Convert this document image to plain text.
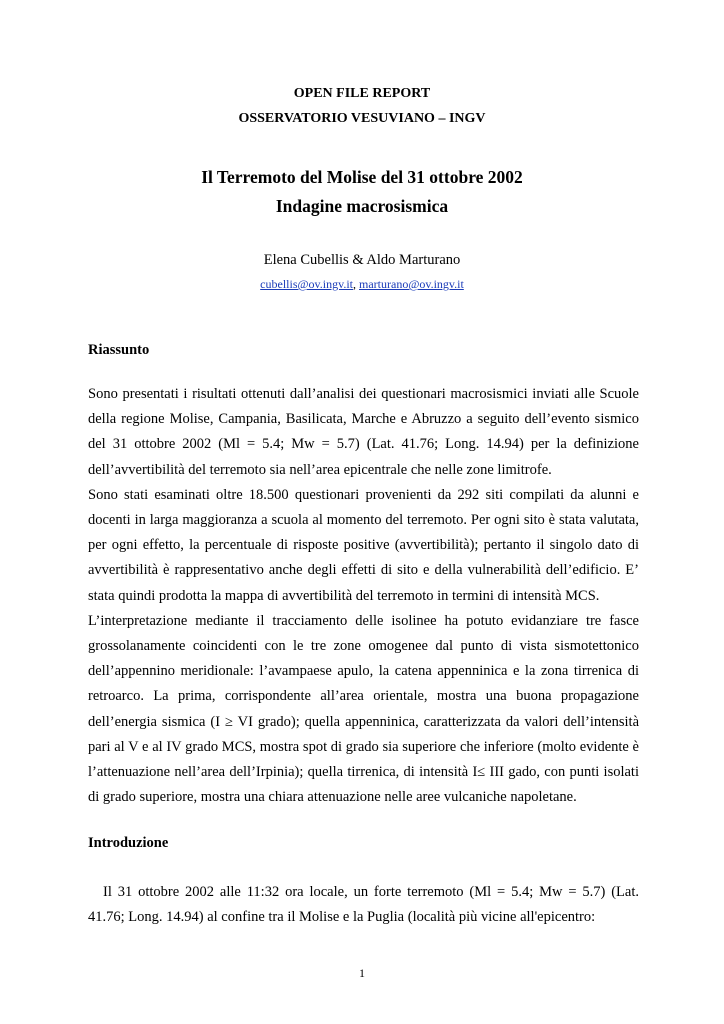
OPEN FILE REPORT
OSSERVATORIO VESUVIANO – INGV
Il Terremoto del Molise del 31 ottobre 2002
Indagine macrosismica
Elena Cubellis & Aldo Marturano
cubellis@ov.ingv.it, marturano@ov.ingv.it
Riassunto

Sono presentati i risultati ottenuti dall’analisi dei questionari macrosismici inviati alle Scuole della regione Molise, Campania, Basilicata, Marche e Abruzzo a seguito dell’evento sismico del 31 ottobre 2002 (Ml = 5.4; Mw = 5.7) (Lat. 41.76; Long. 14.94) per la definizione dell’avvertibilità del terremoto sia nell’area epicentrale che nelle zone limitrofe.

Sono stati esaminati oltre 18.500 questionari provenienti da 292 siti compilati da alunni e docenti in larga maggioranza a scuola al momento del terremoto. Per ogni sito è stata valutata, per ogni effetto, la percentuale di risposte positive (avvertibilità); pertanto il singolo dato di avvertibilità è rappresentativo anche degli effetti di sito e della vulnerabilità dell’edificio. E’ stata quindi prodotta la mappa di avvertibilità del terremoto in termini di intensità MCS.

L’interpretazione mediante il tracciamento delle isolinee ha potuto evidanziare tre fasce grossolanamente coincidenti con le tre zone omogenee dal punto di vista sismotettonico dell’appennino meridionale: l’avampaese apulo, la catena appenninica e la zona tirrenica di retroarco. La prima, corrispondente all’area orientale, mostra una buona propagazione dell’energia sismica (I ≥ VI grado); quella appenninica, caratterizzata da valori dell’intensità pari al V e al IV grado MCS, mostra spot di grado sia superiore che inferiore (molto evidente è l’attenuazione nell’area dell’Irpinia); quella tirrenica, di intensità I≤ III gado, con punti isolati di grado superiore, mostra una chiara attenuazione nelle aree vulcaniche napoletane.

Introduzione

Il 31 ottobre 2002 alle 11:32 ora locale, un forte terremoto (Ml = 5.4; Mw = 5.7) (Lat. 41.76; Long. 14.94) al confine tra il Molise e la Puglia (località più vicine all'epicentro:

1
